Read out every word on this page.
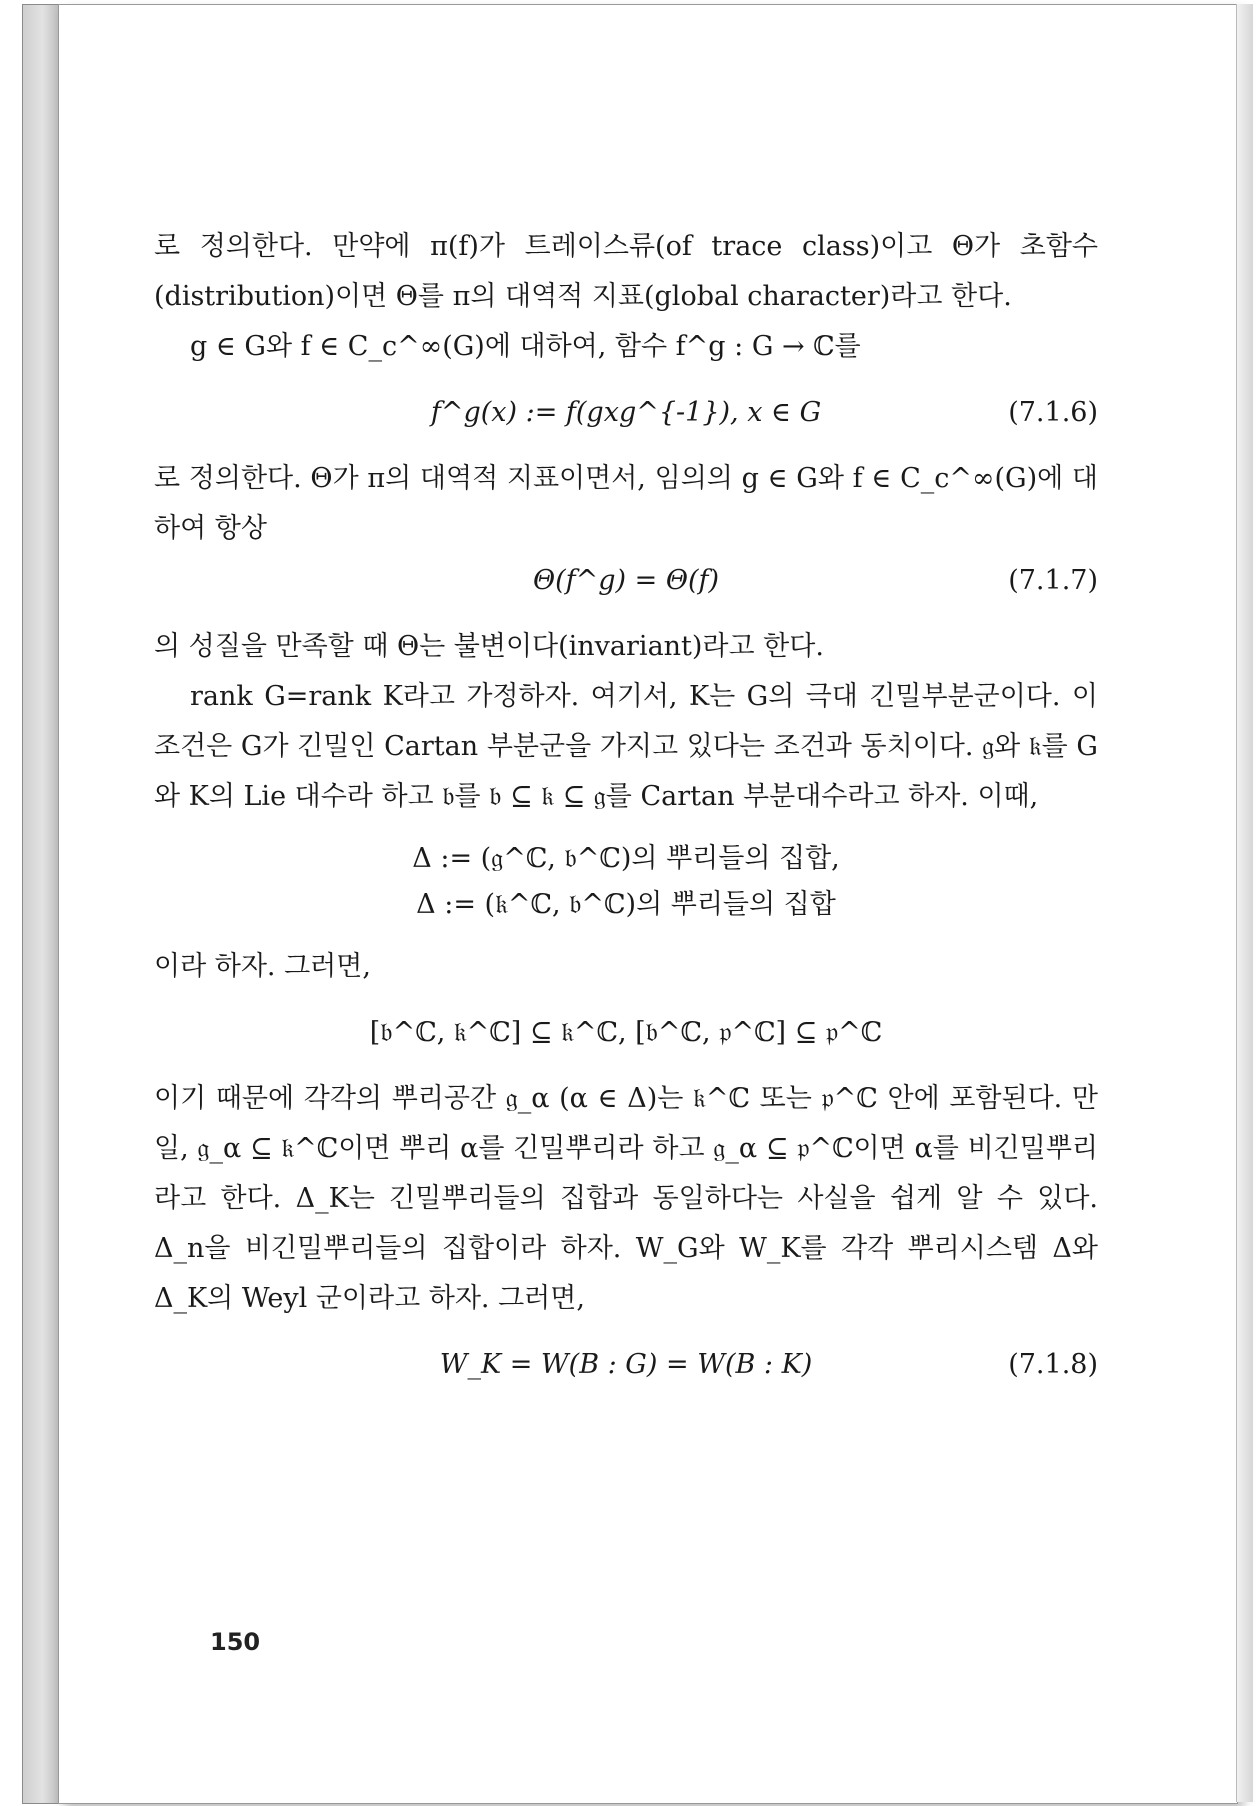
로 정의한다. 만약에 π(f)가 트레이스류(of trace class)이고 Θ가 초함수(distribution)이면 Θ를 π의 대역적 지표(global character)라고 한다.

g ∈ G와 f ∈ C_c^∞(G)에 대하여, 함수 f^g : G → ℂ를

f^g(x) := f(gxg^{-1}), x ∈ G	(7.1.6)

로 정의한다. Θ가 π의 대역적 지표이면서, 임의의 g ∈ G와 f ∈ C_c^∞(G)에 대하여 항상

Θ(f^g) = Θ(f)	(7.1.7)

의 성질을 만족할 때 Θ는 불변이다(invariant)라고 한다.

rank G=rank K라고 가정하자. 여기서, K는 G의 극대 긴밀부분군이다. 이 조건은 G가 긴밀인 Cartan 부분군을 가지고 있다는 조건과 동치이다. 𝔤와 𝔨를 G와 K의 Lie 대수라 하고 𝔟를 𝔟 ⊆ 𝔨 ⊆ 𝔤를 Cartan 부분대수라고 하자. 이때,

Δ := (𝔤^ℂ, 𝔟^ℂ)의 뿌리들의 집합,
Δ := (𝔨^ℂ, 𝔟^ℂ)의 뿌리들의 집합

이라 하자. 그러면,

[𝔟^ℂ, 𝔨^ℂ] ⊆ 𝔨^ℂ, [𝔟^ℂ, 𝔭^ℂ] ⊆ 𝔭^ℂ

이기 때문에 각각의 뿌리공간 𝔤_α (α ∈ Δ)는 𝔨^ℂ 또는 𝔭^ℂ 안에 포함된다. 만일, 𝔤_α ⊆ 𝔨^ℂ이면 뿌리 α를 긴밀뿌리라 하고 𝔤_α ⊆ 𝔭^ℂ이면 α를 비긴밀뿌리라고 한다. Δ_K는 긴밀뿌리들의 집합과 동일하다는 사실을 쉽게 알 수 있다. Δ_n을 비긴밀뿌리들의 집합이라 하자. W_G와 W_K를 각각 뿌리시스템 Δ와 Δ_K의 Weyl 군이라고 하자. 그러면,

W_K = W(B : G) = W(B : K)	(7.1.8)
150
